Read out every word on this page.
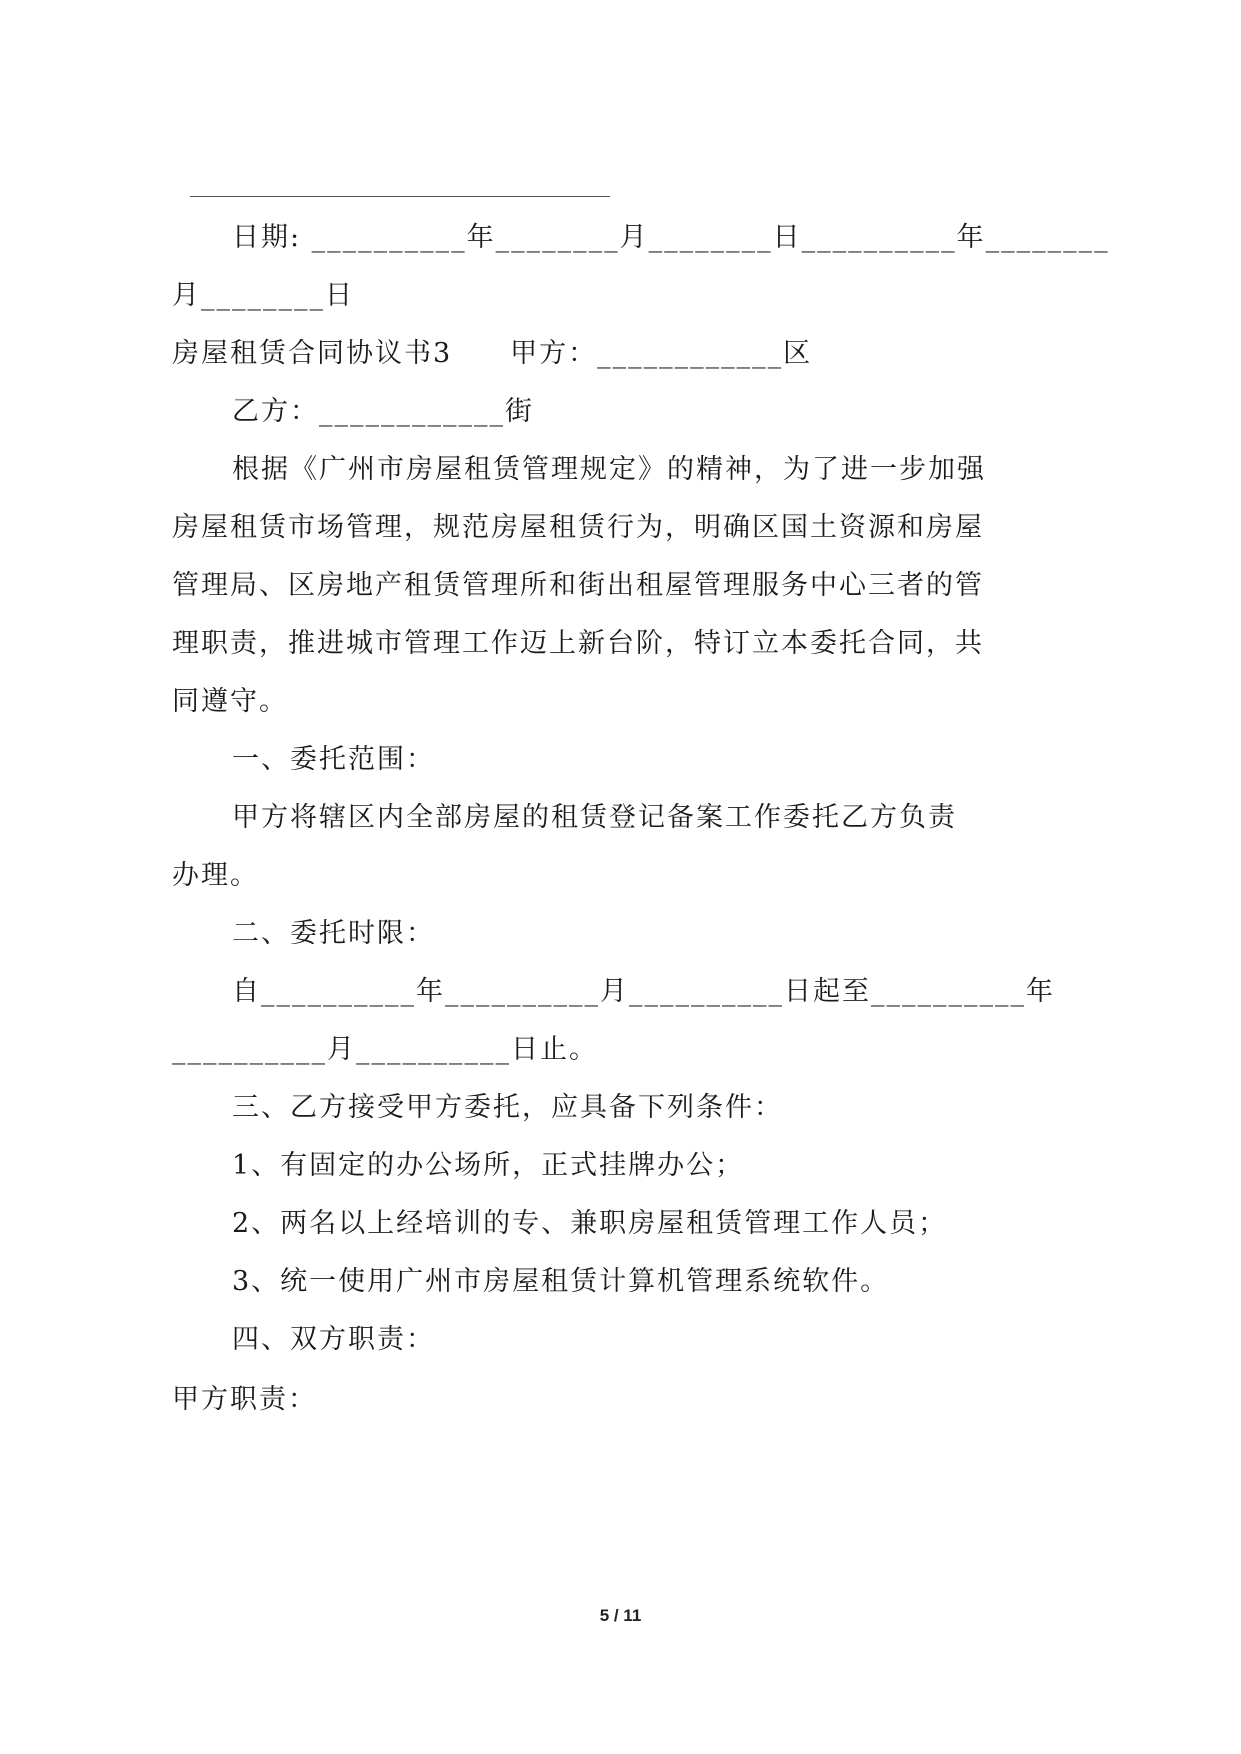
日期: __________年________月________日__________年________
月________日
房屋租赁合同协议书3　　甲方：____________区
乙方：____________街
根据《广州市房屋租赁管理规定》的精神，为了进一步加强
房屋租赁市场管理，规范房屋租赁行为，明确区国土资源和房屋
管理局、区房地产租赁管理所和街出租屋管理服务中心三者的管
理职责，推进城市管理工作迈上新台阶，特订立本委托合同，共
同遵守。
一、委托范围：
甲方将辖区内全部房屋的租赁登记备案工作委托乙方负责
办理。
二、委托时限：
自__________年__________月__________日起至__________年
__________月__________日止。
三、乙方接受甲方委托，应具备下列条件：
1、有固定的办公场所，正式挂牌办公；
2、两名以上经培训的专、兼职房屋租赁管理工作人员；
3、统一使用广州市房屋租赁计算机管理系统软件。
四、双方职责：
甲方职责：
5 / 11
